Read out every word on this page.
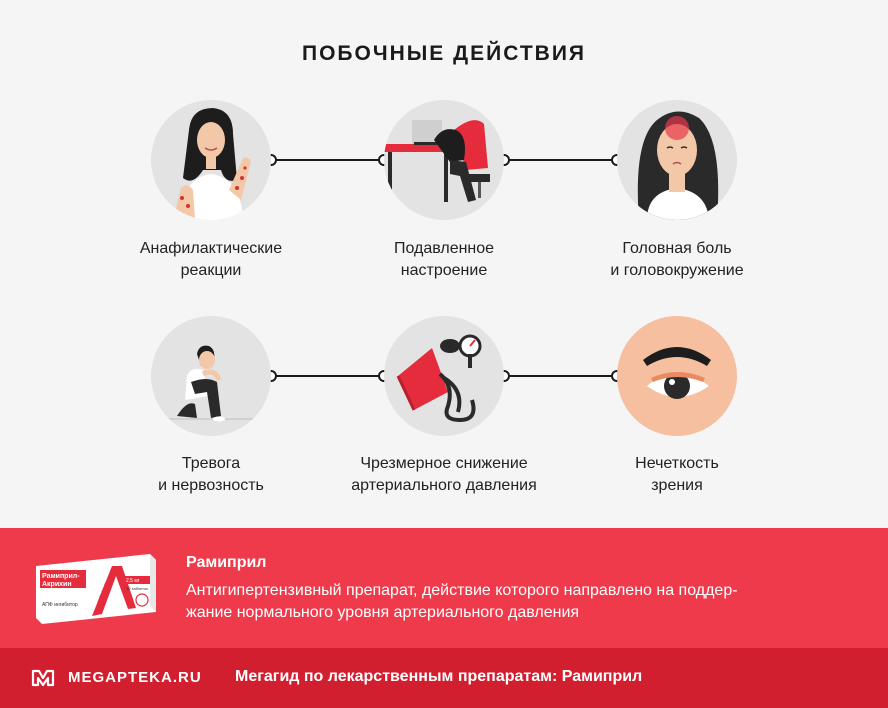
ПОБОЧНЫЕ ДЕЙСТВИЯ
Анафилактические
реакции
Подавленное
настроение
Головная боль
и головокружение
Тревога
и нервозность
Чрезмерное снижение
артериального давления
Нечеткость
зрения
Рамиприл-
Акрихин	2,5 мг
30 таблеток
АПФ ингибитор
АКРИХИН
Рамиприл
Антигипертензивный препарат, действие которого направлено на поддер-
жание нормального уровня артериального давления
MEGAPTEKA.RU Мегагид по лекарственным препаратам: Рамиприл
